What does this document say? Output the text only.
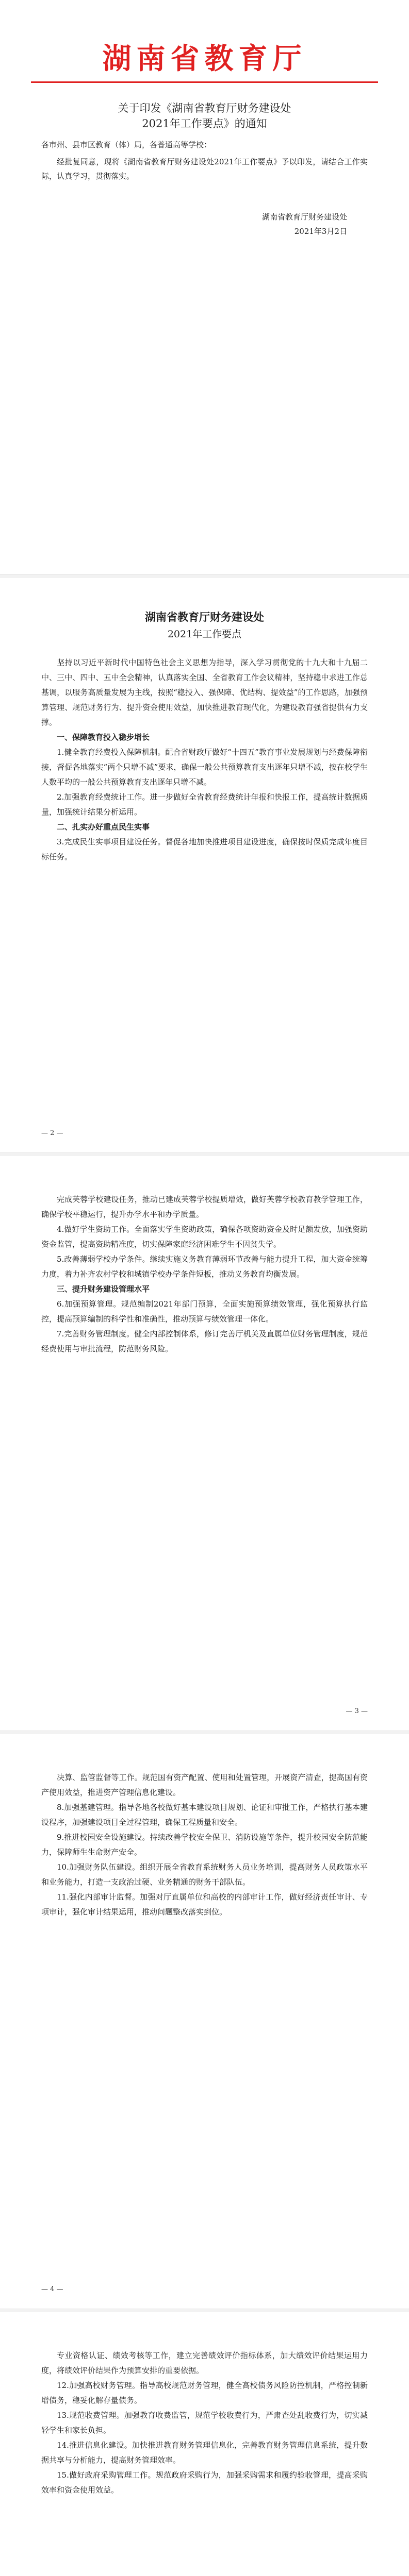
湖南省教育厅
关于印发《湖南省教育厅财务建设处
2021年工作要点》的通知
各市州、县市区教育（体）局，各普通高等学校：
经批复同意，现将《湖南省教育厅财务建设处2021年工作要点》予以印发，请结合工作实际，认真学习，贯彻落实。
湖南省教育厅财务建设处
2021年3月2日
湖南省教育厅财务建设处
2021年工作要点

坚持以习近平新时代中国特色社会主义思想为指导，深入学习贯彻党的十九大和十九届二中、三中、四中、五中全会精神，认真落实全国、全省教育工作会议精神，坚持稳中求进工作总基调，以服务高质量发展为主线，按照“稳投入、强保障、优结构、提效益”的工作思路，加强预算管理、规范财务行为、提升资金使用效益，加快推进教育现代化，为建设教育强省提供有力支撑。

一、保障教育投入稳步增长

1.健全教育经费投入保障机制。配合省财政厅做好“十四五”教育事业发展规划与经费保障衔接，督促各地落实“两个只增不减”要求，确保一般公共预算教育支出逐年只增不减，按在校学生人数平均的一般公共预算教育支出逐年只增不减。

2.加强教育经费统计工作。进一步做好全省教育经费统计年报和快报工作，提高统计数据质量，加强统计结果分析运用。

二、扎实办好重点民生实事

3.完成民生实事项目建设任务。督促各地加快推进项目建设进度，确保按时保质完成年度目标任务。

— 2 —

完成芙蓉学校建设任务，推动已建成芙蓉学校提质增效，做好芙蓉学校教育教学管理工作，确保学校平稳运行，提升办学水平和办学质量。

4.做好学生资助工作。全面落实学生资助政策，确保各项资助资金及时足额发放，加强资助资金监管，提高资助精准度，切实保障家庭经济困难学生不因贫失学。

5.改善薄弱学校办学条件。继续实施义务教育薄弱环节改善与能力提升工程，加大资金统筹力度，着力补齐农村学校和城镇学校办学条件短板，推动义务教育均衡发展。

三、提升财务建设管理水平

6.加强预算管理。规范编制2021年部门预算，全面实施预算绩效管理，强化预算执行监控，提高预算编制的科学性和准确性，推动预算与绩效管理一体化。

7.完善财务管理制度。健全内部控制体系，修订完善厅机关及直属单位财务管理制度，规范经费使用与审批流程，防范财务风险。

— 3 —

决算、监管监督等工作。规范国有资产配置、使用和处置管理，开展资产清查，提高国有资产使用效益，推进资产管理信息化建设。

8.加强基建管理。指导各地各校做好基本建设项目规划、论证和审批工作，严格执行基本建设程序，加强建设项目全过程管理，确保工程质量和安全。

9.推进校园安全设施建设。持续改善学校安全保卫、消防设施等条件，提升校园安全防范能力，保障师生生命财产安全。

10.加强财务队伍建设。组织开展全省教育系统财务人员业务培训，提高财务人员政策水平和业务能力，打造一支政治过硬、业务精通的财务干部队伍。

11.强化内部审计监督。加强对厅直属单位和高校的内部审计工作，做好经济责任审计、专项审计，强化审计结果运用，推动问题整改落实到位。

— 4 —

专业资格认证、绩效考核等工作，建立完善绩效评价指标体系，加大绩效评价结果运用力度，将绩效评价结果作为预算安排的重要依据。

12.加强高校财务管理。指导高校规范财务管理，健全高校债务风险防控机制，严格控制新增债务，稳妥化解存量债务。

13.规范收费管理。加强教育收费监管，规范学校收费行为，严肃查处乱收费行为，切实减轻学生和家长负担。

14.推进信息化建设。加快推进教育财务管理信息化，完善教育财务管理信息系统，提升数据共享与分析能力，提高财务管理效率。

15.做好政府采购管理工作。规范政府采购行为，加强采购需求和履约验收管理，提高采购效率和资金使用效益。
